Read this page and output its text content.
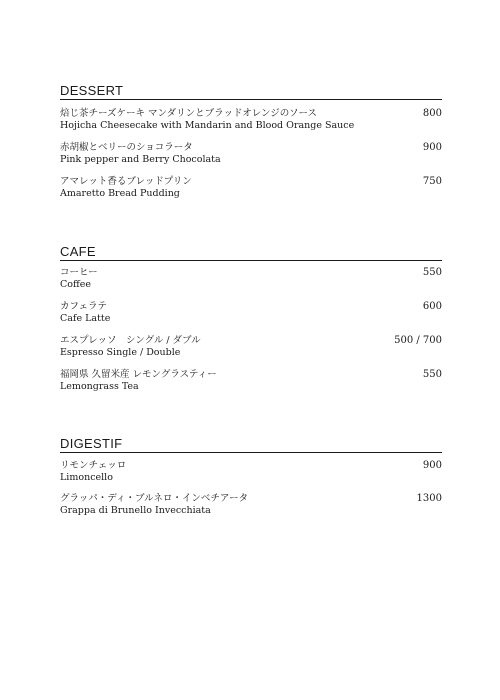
DESSERT
焙じ茶チーズケーキ マンダリンとブラッドオレンジのソース
Hojicha Cheesecake with Mandarin and Blood Orange Sauce
800
赤胡椒とベリーのショコラータ
Pink pepper and Berry Chocolata
900
アマレット香るブレッドプリン
Amaretto Bread Pudding
750
CAFE
コーヒー
Coffee
550
カフェラテ
Cafe Latte
600
エスプレッソ　シングル / ダブル
Espresso Single / Double
500 / 700
福岡県 久留米産 レモングラスティー
Lemongrass Tea
550
DIGESTIF
リモンチェッロ
Limoncello
900
グラッパ・ディ・ブルネロ・インベチアータ
Grappa di Brunello Invecchiata
1300
